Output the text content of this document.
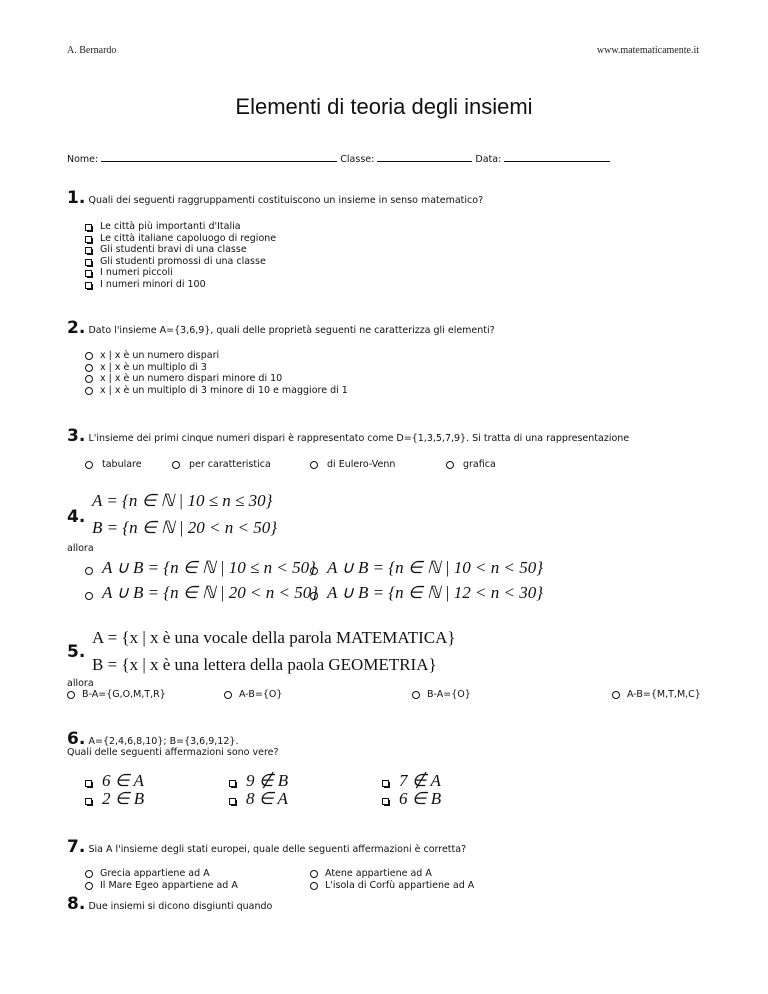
A. Bernardo	www.matematicamente.it
Elementi di teoria degli insiemi
Nome:	Classe:	Data:
1. Quali dei seguenti raggruppamenti costituiscono un insieme in senso matematico?
Le città più importanti d'Italia
Le città italiane capoluogo di regione
Gli studenti bravi di una classe
Gli studenti promossi di una classe
I numeri piccoli
I numeri minori di 100
2. Dato l'insieme A={3,6,9}, quali delle proprietà seguenti ne caratterizza gli elementi?
x | x è un numero dispari
x | x è un multiplo di 3
x | x è un numero dispari minore di 10
x | x è un multiplo di 3 minore di 10 e maggiore di 1
3. L'insieme dei primi cinque numeri dispari è rappresentato come D={1,3,5,7,9}. Si tratta di una rappresentazione
tabulare	per caratteristica	di Eulero-Venn	grafica
4.
A = {n ∈ ℕ | 10 ≤ n ≤ 30}
B = {n ∈ ℕ | 20 < n < 50}
allora
A ∪ B = {n ∈ ℕ | 10 ≤ n < 50} A ∪ B = {n ∈ ℕ | 10 < n < 50}
A ∪ B = {n ∈ ℕ | 20 < n < 50} A ∪ B = {n ∈ ℕ | 12 < n < 30}
5.
A = {x | x è una vocale della parola MATEMATICA}
B = {x | x è una lettera della paola GEOMETRIA}
allora
B-A={G,O,M,T,R}	A-B={O}	B-A={O}	A-B={M,T,M,C}
6. A={2,4,6,8,10}; B={3,6,9,12}.
Quali delle seguenti affermazioni sono vere?
6 ∈ A	9 ∉ B	7 ∉ A
2 ∈ B	8 ∈ A	6 ∈ B
7. Sia A l'insieme degli stati europei, quale delle seguenti affermazioni è corretta?
Grecia appartiene ad A	Atene appartiene ad A
Il Mare Egeo appartiene ad A	L'isola di Corfù appartiene ad A
8. Due insiemi si dicono disgiunti quando
